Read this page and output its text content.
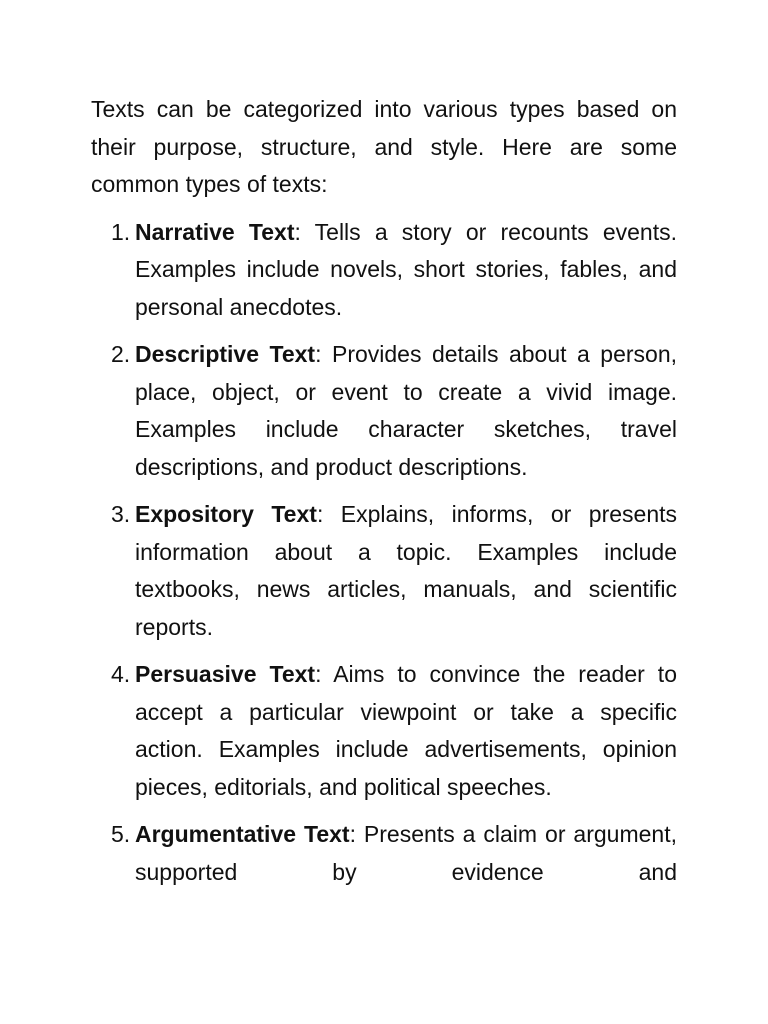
Texts can be categorized into various types based on their purpose, structure, and style. Here are some common types of texts:

1. Narrative Text: Tells a story or recounts events. Examples include novels, short stories, fables, and personal anecdotes.
2. Descriptive Text: Provides details about a person, place, object, or event to create a vivid image. Examples include character sketches, travel descriptions, and product descriptions.
3. Expository Text: Explains, informs, or presents information about a topic. Examples include textbooks, news articles, manuals, and scientific reports.
4. Persuasive Text: Aims to convince the reader to accept a particular viewpoint or take a specific action. Examples include advertisements, opinion pieces, editorials, and political speeches.
5. Argumentative Text: Presents a claim or argument, supported by evidence and
